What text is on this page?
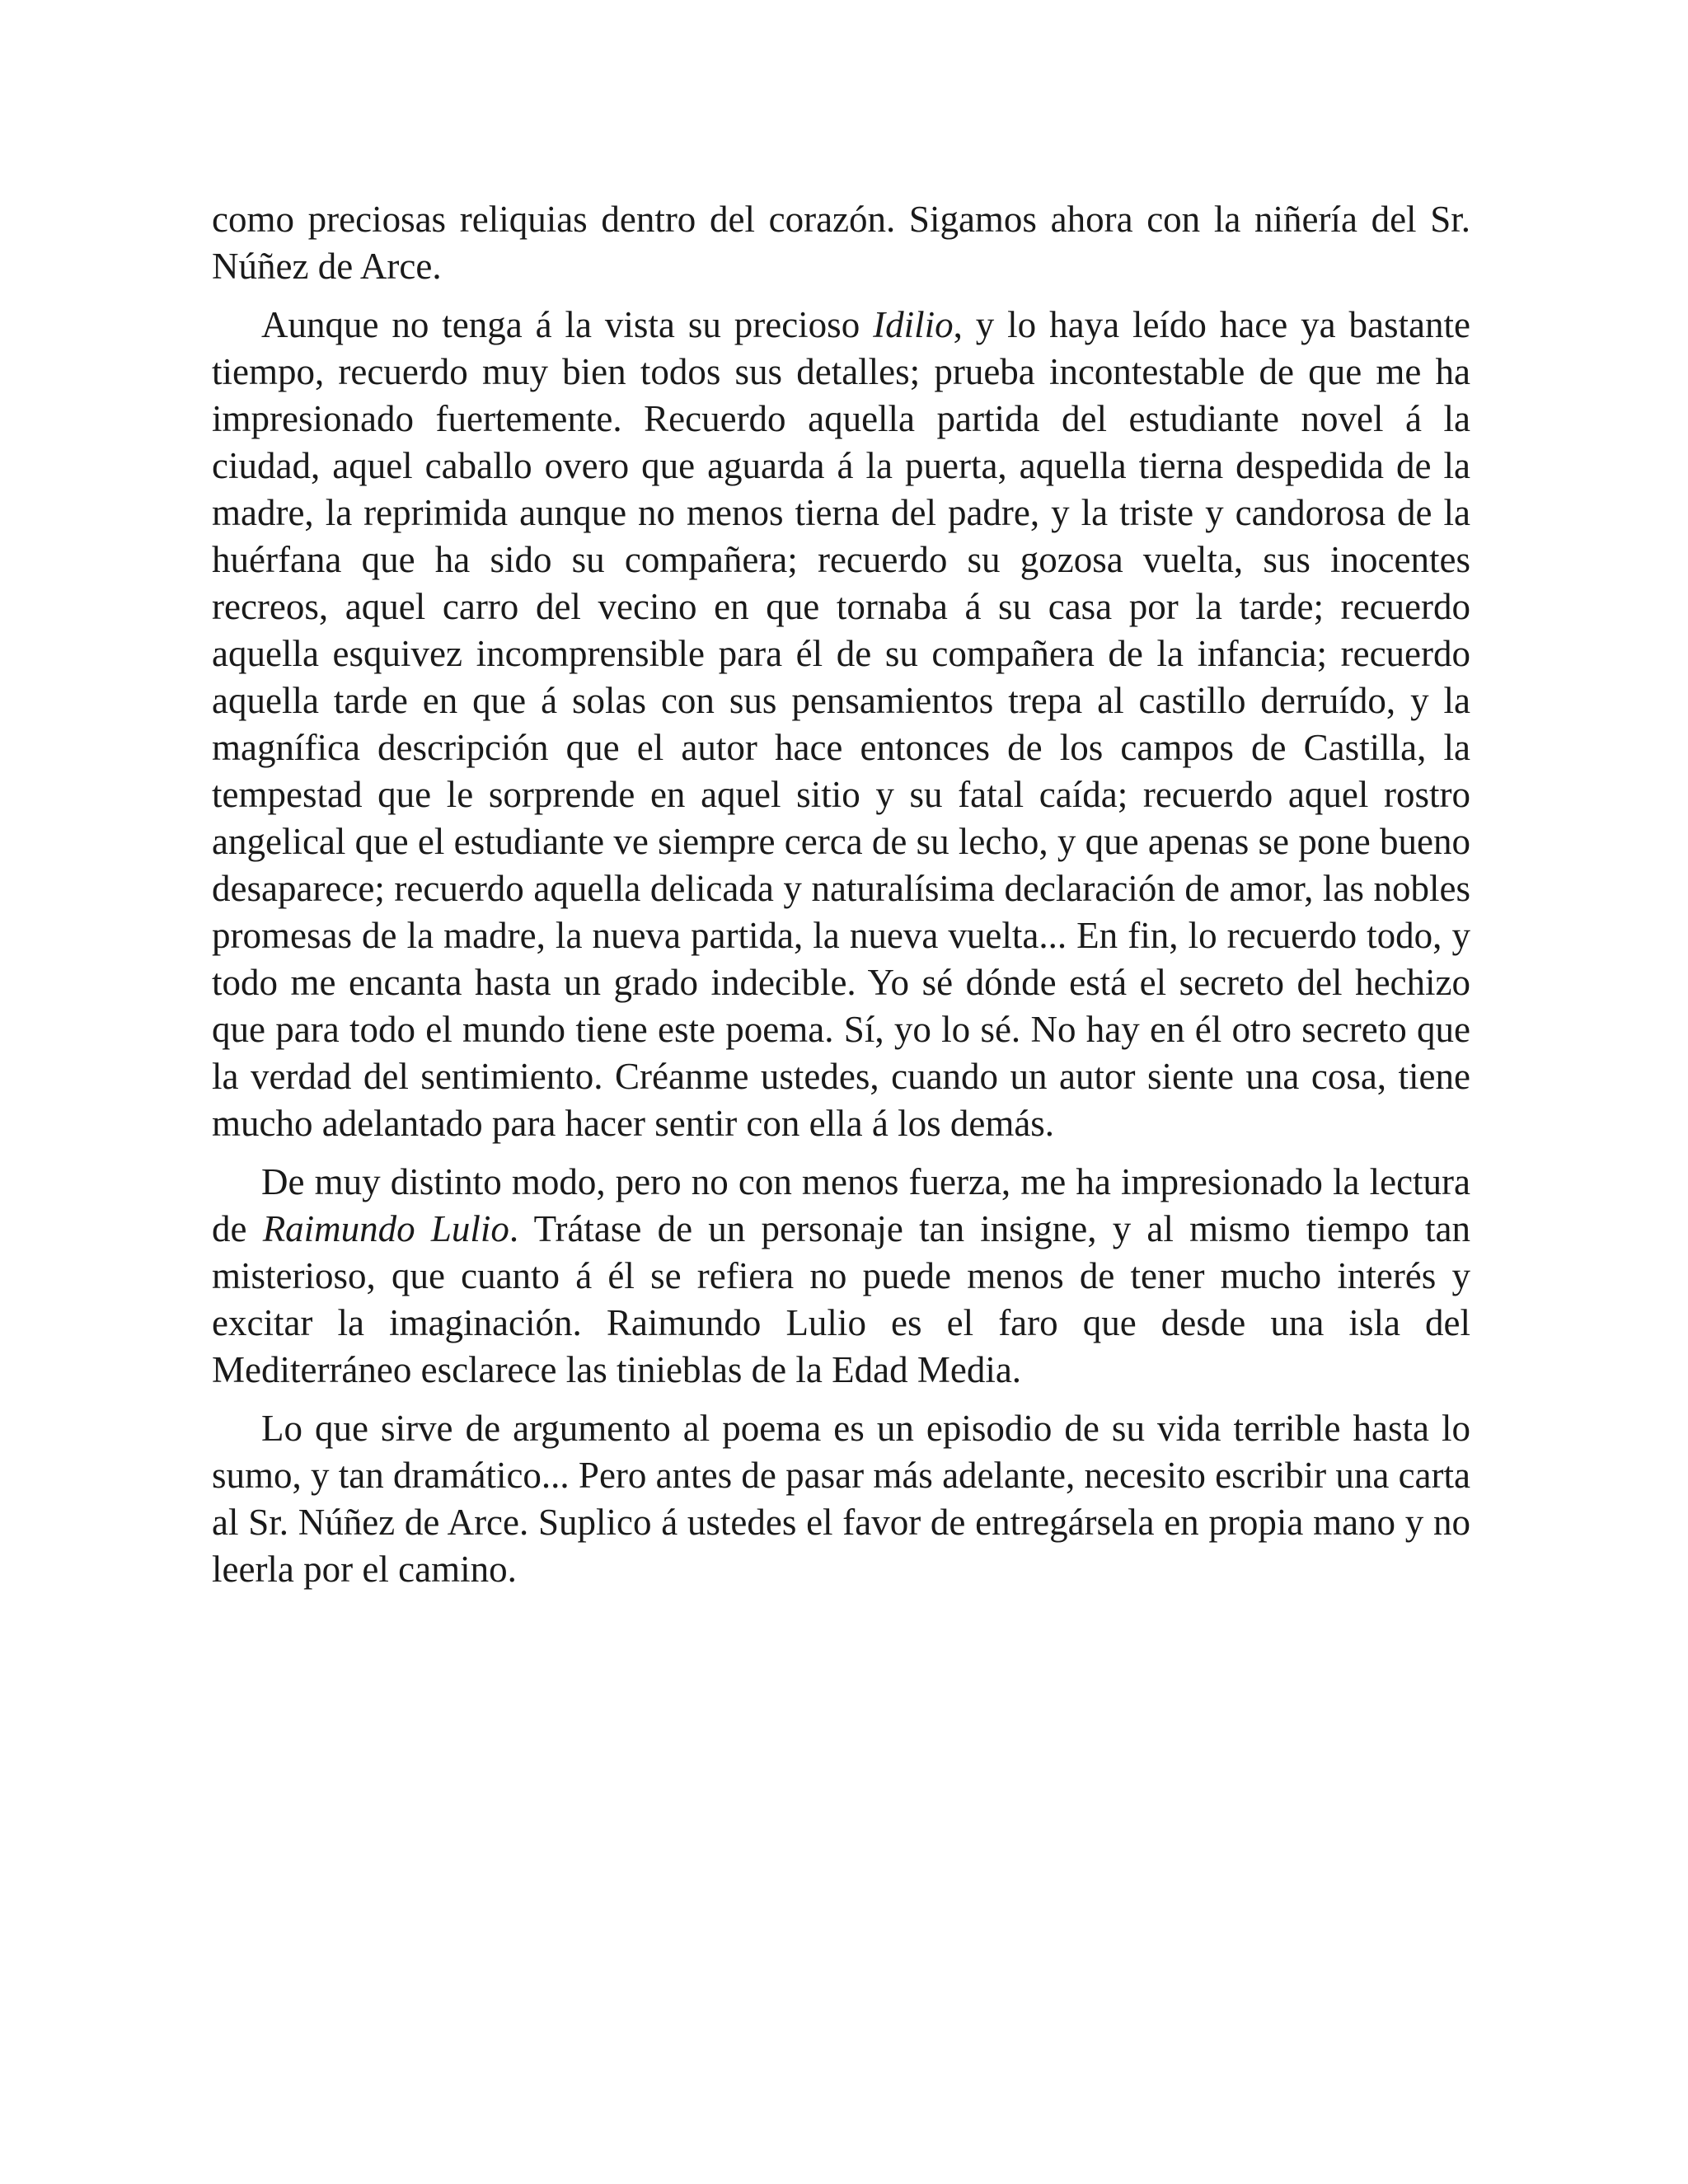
como preciosas reliquias dentro del corazón. Sigamos ahora con la niñería del Sr. Núñez de Arce.

Aunque no tenga á la vista su precioso Idilio, y lo haya leído hace ya bastante tiempo, recuerdo muy bien todos sus detalles; prueba incontestable de que me ha impresionado fuertemente. Recuerdo aquella partida del estudiante novel á la ciudad, aquel caballo overo que aguarda á la puerta, aquella tierna despedida de la madre, la reprimida aunque no menos tierna del padre, y la triste y candorosa de la huérfana que ha sido su compañera; recuerdo su gozosa vuelta, sus inocentes recreos, aquel carro del vecino en que tornaba á su casa por la tarde; recuerdo aquella esquivez incomprensible para él de su compañera de la infancia; recuerdo aquella tarde en que á solas con sus pensamientos trepa al castillo derruído, y la magnífica descripción que el autor hace entonces de los campos de Castilla, la tempestad que le sorprende en aquel sitio y su fatal caída; recuerdo aquel rostro angelical que el estudiante ve siempre cerca de su lecho, y que apenas se pone bueno desaparece; recuerdo aquella delicada y naturalísima declaración de amor, las nobles promesas de la madre, la nueva partida, la nueva vuelta... En fin, lo recuerdo todo, y todo me encanta hasta un grado indecible. Yo sé dónde está el secreto del hechizo que para todo el mundo tiene este poema. Sí, yo lo sé. No hay en él otro secreto que la verdad del sentimiento. Créanme ustedes, cuando un autor siente una cosa, tiene mucho adelantado para hacer sentir con ella á los demás.

De muy distinto modo, pero no con menos fuerza, me ha impresionado la lectura de Raimundo Lulio. Trátase de un personaje tan insigne, y al mismo tiempo tan misterioso, que cuanto á él se refiera no puede menos de tener mucho interés y excitar la imaginación. Raimundo Lulio es el faro que desde una isla del Mediterráneo esclarece las tinieblas de la Edad Media.

Lo que sirve de argumento al poema es un episodio de su vida terrible hasta lo sumo, y tan dramático... Pero antes de pasar más adelante, necesito escribir una carta al Sr. Núñez de Arce. Suplico á ustedes el favor de entregársela en propia mano y no leerla por el camino.
